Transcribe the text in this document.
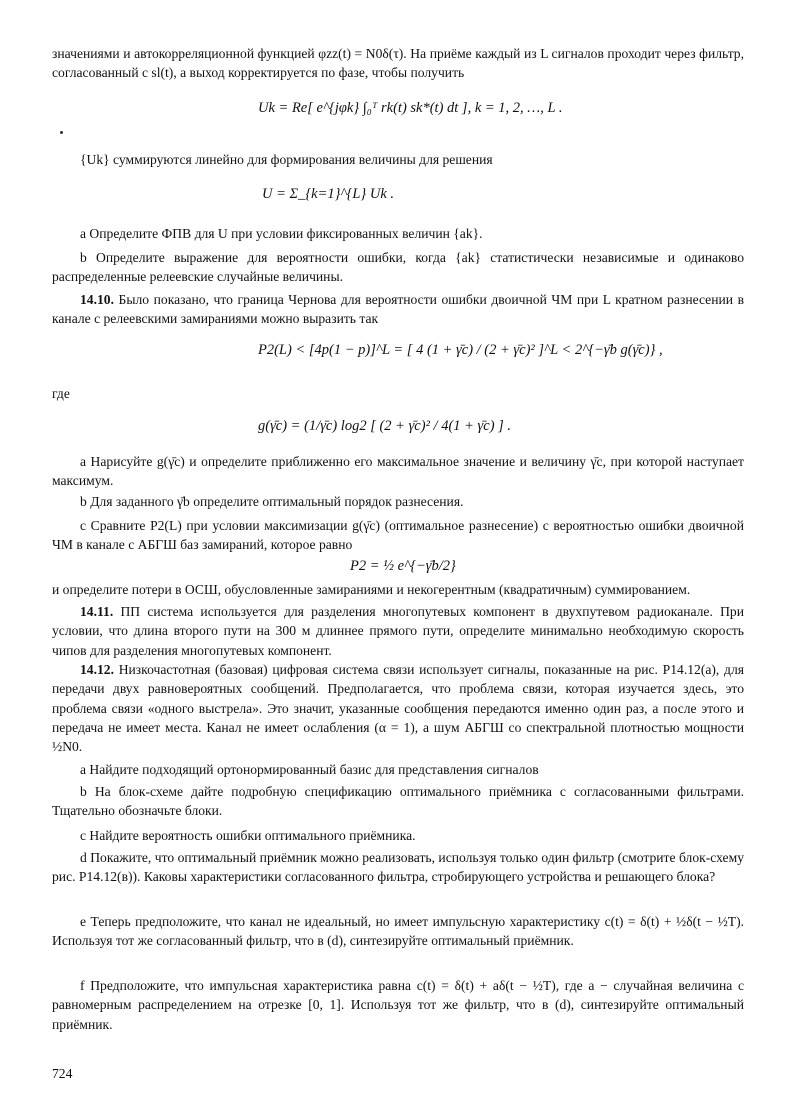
значениями и автокорреляционной функцией φzz(t) = N0δ(τ). На приёме каждый из L сигналов проходит через фильтр, согласованный с sl(t), а выход корректируется по фазе, чтобы получить

Uk = Re[ e^{jφk} ∫₀ᵀ rk(t) sk*(t) dt ], k = 1, 2, …, L .

{Uk} суммируются линейно для формирования величины для решения

U = Σ_{k=1}^{L} Uk .

a Определите ФПВ для U при условии фиксированных величин {ak}.

b Определите выражение для вероятности ошибки, когда {ak} статистически независимые и одинаково распределенные релеевские случайные величины.

14.10. Было показано, что граница Чернова для вероятности ошибки двоичной ЧМ при L кратном разнесении в канале с релеевскими замираниями можно выразить так

P2(L) < [4p(1 − p)]^L = [ 4 (1 + γ̄c) / (2 + γ̄c)² ]^L < 2^{−γ̄b g(γ̄c)} ,

где

g(γ̄c) = (1/γ̄c) log2 [ (2 + γ̄c)² / 4(1 + γ̄c) ] .

a Нарисуйте g(γ̄c) и определите приближенно его максимальное значение и величину γ̄c, при которой наступает максимум.

b Для заданного γ̄b определите оптимальный порядок разнесения.

c Сравните P2(L) при условии максимизации g(γ̄c) (оптимальное разнесение) с вероятностью ошибки двоичной ЧМ в канале с АБГШ баз замираний, которое равно

P2 = ½ e^{−γ̄b/2}

и определите потери в ОСШ, обусловленные замираниями и некогерентным (квадратичным) суммированием.

14.11. ПП система используется для разделения многопутевых компонент в двухпутевом радиоканале. При условии, что длина второго пути на 300 м длиннее прямого пути, определите минимально необходимую скорость чипов для разделения многопутевых компонент.

14.12. Низкочастотная (базовая) цифровая система связи использует сигналы, показанные на рис. P14.12(a), для передачи двух равновероятных сообщений. Предполагается, что проблема связи, которая изучается здесь, это проблема связи «одного выстрела». Это значит, указанные сообщения передаются именно один раз, а после этого и передача не имеет места. Канал не имеет ослабления (α = 1), а шум АБГШ со спектральной плотностью мощности ½N0.

a Найдите подходящий ортонормированный базис для представления сигналов

b На блок-схеме дайте подробную спецификацию оптимального приёмника с согласованными фильтрами. Тщательно обозначьте блоки.

c Найдите вероятность ошибки оптимального приёмника.

d Покажите, что оптимальный приёмник можно реализовать, используя только один фильтр (смотрите блок-схему рис. P14.12(в)). Каковы характеристики согласованного фильтра, стробирующего устройства и решающего блока?

e Теперь предположите, что канал не идеальный, но имеет импульсную характеристику c(t) = δ(t) + ½δ(t − ½T). Используя тот же согласованный фильтр, что в (d), синтезируйте оптимальный приёмник.

f Предположите, что импульсная характеристика равна c(t) = δ(t) + aδ(t − ½T), где a − случайная величина с равномерным распределением на отрезке [0, 1]. Используя тот же фильтр, что в (d), синтезируйте оптимальный приёмник.

724
